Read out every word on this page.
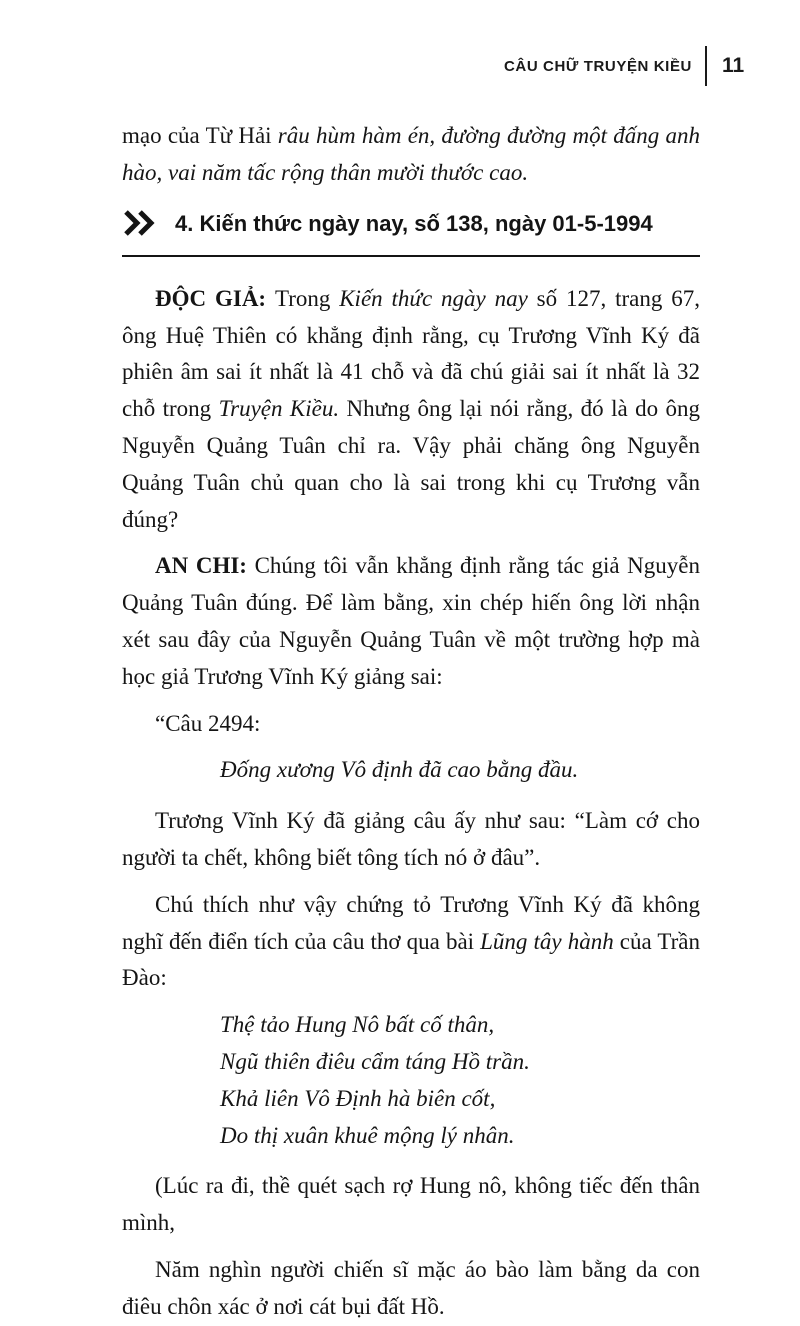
CÂU CHỮ TRUYỆN KIỀU 11

mạo của Từ Hải râu hùm hàm én, đường đường một đấng anh hào, vai năm tấc rộng thân mười thước cao.

4. Kiến thức ngày nay, số 138, ngày 01-5-1994

ĐỘC GIẢ: Trong Kiến thức ngày nay số 127, trang 67, ông Huệ Thiên có khẳng định rằng, cụ Trương Vĩnh Ký đã phiên âm sai ít nhất là 41 chỗ và đã chú giải sai ít nhất là 32 chỗ trong Truyện Kiều. Nhưng ông lại nói rằng, đó là do ông Nguyễn Quảng Tuân chỉ ra. Vậy phải chăng ông Nguyễn Quảng Tuân chủ quan cho là sai trong khi cụ Trương vẫn đúng?

AN CHI: Chúng tôi vẫn khẳng định rằng tác giả Nguyễn Quảng Tuân đúng. Để làm bằng, xin chép hiến ông lời nhận xét sau đây của Nguyễn Quảng Tuân về một trường hợp mà học giả Trương Vĩnh Ký giảng sai:

“Câu 2494:

Đống xương Vô định đã cao bằng đầu.

Trương Vĩnh Ký đã giảng câu ấy như sau: “Làm cớ cho người ta chết, không biết tông tích nó ở đâu”.

Chú thích như vậy chứng tỏ Trương Vĩnh Ký đã không nghĩ đến điển tích của câu thơ qua bài Lũng tây hành của Trần Đào:

Thệ tảo Hung Nô bất cố thân,
Ngũ thiên điêu cẩm táng Hồ trần.
Khả liên Vô Định hà biên cốt,
Do thị xuân khuê mộng lý nhân.

(Lúc ra đi, thề quét sạch rợ Hung nô, không tiếc đến thân mình,

Năm nghìn người chiến sĩ mặc áo bào làm bằng da con điêu chôn xác ở nơi cát bụi đất Hồ.
